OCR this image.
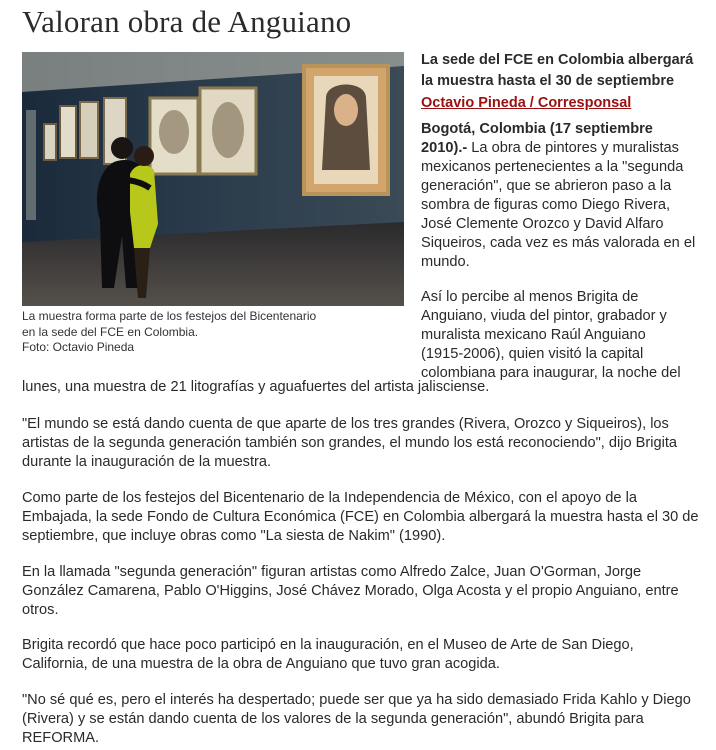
Valoran obra de Anguiano
La muestra forma parte de los festejos del Bicentenario
en la sede del FCE en Colombia.
Foto: Octavio Pineda
La sede del FCE en Colombia albergará
la muestra hasta el 30 de septiembre
Octavio Pineda / Corresponsal
Bogotá, Colombia (17 septiembre
2010).- La obra de pintores y muralistas
mexicanos pertenecientes a la "segunda
generación", que se abrieron paso a la
sombra de figuras como Diego Rivera,
José Clemente Orozco y David Alfaro
Siqueiros, cada vez es más valorada en el
mundo.
Así lo percibe al menos Brigita de
Anguiano, viuda del pintor, grabador y
muralista mexicano Raúl Anguiano
(1915-2006), quien visitó la capital
colombiana para inaugurar, la noche del
lunes, una muestra de 21 litografías y aguafuertes del artista jalisciense.
"El mundo se está dando cuenta de que aparte de los tres grandes (Rivera, Orozco y Siqueiros), los
artistas de la segunda generación también son grandes, el mundo los está reconociendo", dijo Brigita
durante la inauguración de la muestra.
Como parte de los festejos del Bicentenario de la Independencia de México, con el apoyo de la
Embajada, la sede Fondo de Cultura Económica (FCE) en Colombia albergará la muestra hasta el 30 de
septiembre, que incluye obras como "La siesta de Nakim" (1990).
En la llamada "segunda generación" figuran artistas como Alfredo Zalce, Juan O'Gorman, Jorge
González Camarena, Pablo O'Higgins, José Chávez Morado, Olga Acosta y el propio Anguiano, entre
otros.
Brigita recordó que hace poco participó en la inauguración, en el Museo de Arte de San Diego,
California, de una muestra de la obra de Anguiano que tuvo gran acogida.
"No sé qué es, pero el interés ha despertado; puede ser que ya ha sido demasiado Frida Kahlo y Diego
(Rivera) y se están dando cuenta de los valores de la segunda generación", abundó Brigita para
REFORMA.
